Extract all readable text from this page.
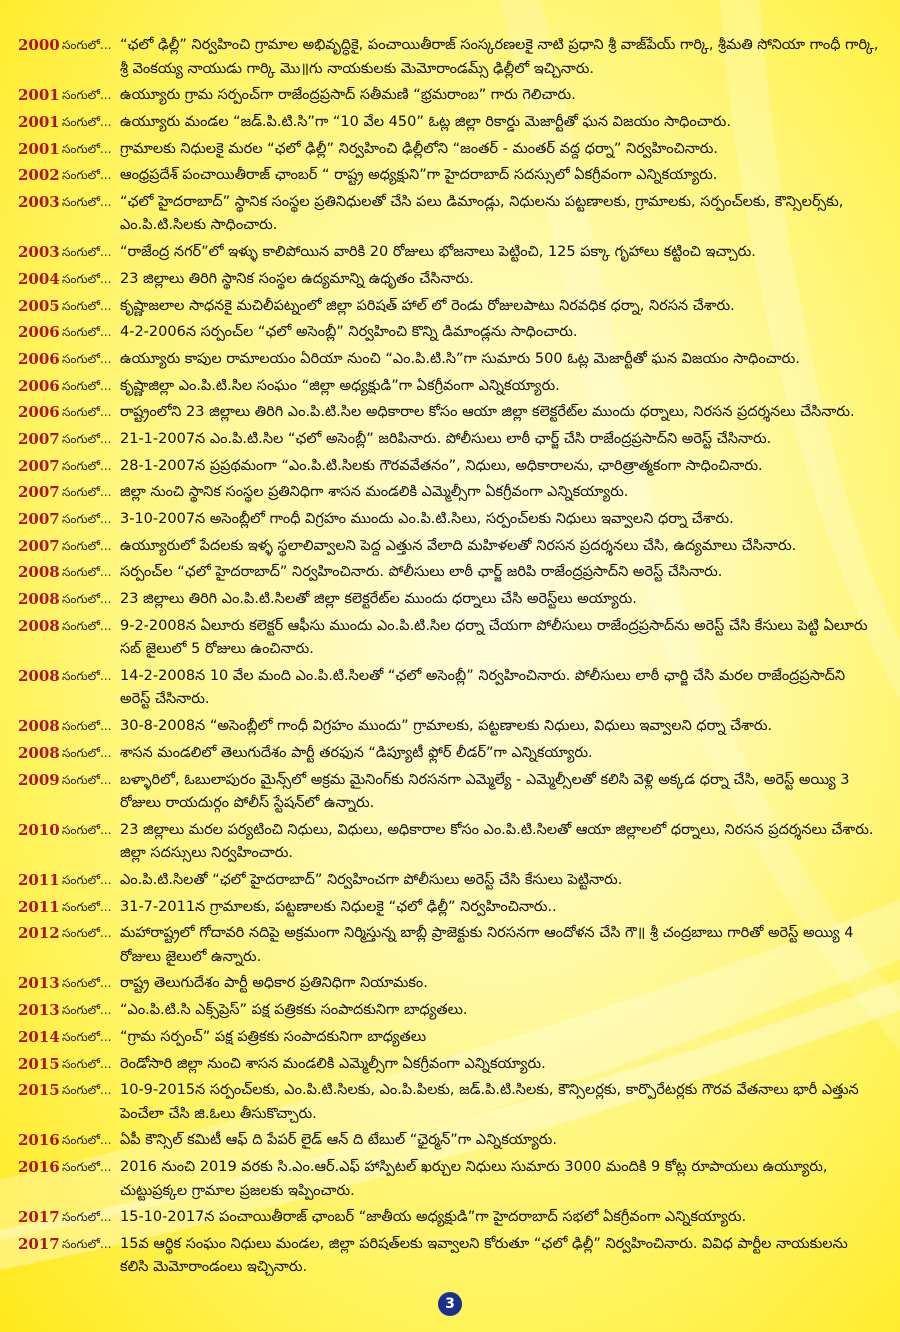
2000 సంగులో... “ఛలో ఢిల్లీ” నిర్వహించి గ్రామాల అభివృద్ధికై, పంచాయితీరాజ్ సంస్కరణలకై నాటి ప్రధాని శ్రీ వాజ్‌పేయ్ గార్కి, శ్రీమతి సోనియా గాంధీ గార్కి, శ్రీ వెంకయ్య నాయుడు గార్కి మొ॥గు నాయకులకు మెమోరాండమ్స్ ఢిల్లీలో ఇచ్చినారు.
2001 సంగులో... ఉయ్యూరు గ్రామ సర్పంచ్‌గా రాజేంద్రప్రసాద్ సతీమణి “భ్రమరాంబ” గారు గెలిచారు.
2001 సంగులో... ఉయ్యూరు మండల “జడ్.పి.టి.సి”గా “10 వేల 450” ఓట్ల జిల్లా రికార్డు మెజార్టీతో ఘన విజయం సాధించారు.
2001 సంగులో... గ్రామాలకు నిధులకై మరల “ఛలో ఢిల్లీ” నిర్వహించి ఢిల్లీలోని “జంతర్ - మంతర్ వద్ద ధర్నా” నిర్వహించినారు.
2002 సంగులో... ఆంధ్రప్రదేశ్ పంచాయితీరాజ్ ఛాంబర్ “ రాష్ట్ర అధ్యక్షుని”గా హైదరాబాద్ సదస్సులో ఏకగ్రీవంగా ఎన్నికయ్యారు.
2003 సంగులో... “ఛలో హైదరాబాద్” స్థానిక సంస్థల ప్రతినిధులతో చేసి పలు డిమాండ్లు, నిధులను పట్టణాలకు, గ్రామాలకు, సర్పంచ్‌లకు, కౌన్సిలర్స్‌కు, ఎం.పి.టి.సిలకు సాధించారు.
2003 సంగులో... “రాజేంద్ర నగర్”లో ఇళ్ళు కాలిపోయిన వారికి 20 రోజులు భోజనాలు పెట్టించి, 125 పక్కా గృహాలు కట్టించి ఇచ్చారు.
2004 సంగులో... 23 జిల్లాలు తిరిగి స్థానిక సంస్థల ఉద్యమాన్ని ఉధృతం చేసినారు.
2005 సంగులో... కృష్ణాజలాల సాధనకై మచిలీపట్నంలో జిల్లా పరిషత్ హాల్ లో రెండు రోజులపాటు నిరవధిక ధర్నా, నిరసన చేశారు.
2006 సంగులో... 4-2-2006న సర్పంచ్‌ల “ఛలో అసెంబ్లీ” నిర్వహించి కొన్ని డిమాండ్లను సాధించారు.
2006 సంగులో... ఉయ్యూరు కాపుల రామాలయం ఏరియా నుంచి “ఎం.పి.టి.సి”గా సుమారు 500 ఓట్ల మెజార్టీతో ఘన విజయం సాధించారు.
2006 సంగులో... కృష్ణాజిల్లా ఎం.పి.టి.సిల సంఘం “జిల్లా అధ్యక్షుడి”గా ఏకగ్రీవంగా ఎన్నికయ్యారు.
2006 సంగులో... రాష్ట్రంలోని 23 జిల్లాలు తిరిగి ఎం.పి.టి.సిల అధికారాల కోసం ఆయా జిల్లా కలెక్టరేట్‌ల ముందు ధర్నాలు, నిరసన ప్రదర్శనలు చేసినారు.
2007 సంగులో... 21-1-2007న ఎం.పి.టి.సిల “ఛలో అసెంబ్లీ” జరిపినారు. పోలీసులు లాఠీ ఛార్జ్ చేసి రాజేంద్రప్రసాద్‌ని అరెస్ట్ చేసినారు.
2007 సంగులో... 28-1-2007న ప్రప్రథమంగా “ఎం.పి.టి.సిలకు గౌరవవేతనం”, నిధులు, అధికారాలను, ఛారిత్రాత్మకంగా సాధించినారు.
2007 సంగులో... జిల్లా నుంచి స్థానిక సంస్థల ప్రతినిధిగా శాసన మండలికి ఎమ్మెల్సీగా ఏకగ్రీవంగా ఎన్నికయ్యారు.
2007 సంగులో... 3-10-2007న అసెంబ్లీలో గాంధీ విగ్రహం ముందు ఎం.పి.టి.సిలు, సర్పంచ్‌లకు నిధులు ఇవ్వాలని ధర్నా చేశారు.
2007 సంగులో... ఉయ్యూరులో పేదలకు ఇళ్ళ స్థలాలివ్వాలని పెద్ద ఎత్తున వేలాది మహిళలతో నిరసన ప్రదర్శనలు చేసి, ఉద్యమాలు చేసినారు.
2008 సంగులో... సర్పంచ్‌ల “ఛలో హైదరాబాద్” నిర్వహించినారు. పోలీసులు లాఠీ ఛార్జ్ జరిపి రాజేంద్రప్రసాద్‌ని అరెస్ట్ చేసినారు.
2008 సంగులో... 23 జిల్లాలు తిరిగి ఎం.పి.టి.సిలతో జిల్లా కలెక్టరేట్‌ల ముందు ధర్నాలు చేసి అరెస్ట్‌లు అయ్యారు.
2008 సంగులో... 9-2-2008న ఏలూరు కలెక్టర్ ఆఫీసు ముందు ఎం.పి.టి.సిల ధర్నా చేయగా పోలీసులు రాజేంద్రప్రసాద్‌ను అరెస్ట్ చేసి కేసులు పెట్టి ఏలూరు సబ్ జైలులో 5 రోజులు ఉంచినారు.
2008 సంగులో... 14-2-2008న 10 వేల మంది ఎం.పి.టి.సిలతో “ఛలో అసెంబ్లీ” నిర్వహించినారు. పోలీసులు లాఠీ ఛార్జి చేసి మరల రాజేంద్రప్రసాద్‌ని అరెస్ట్ చేసినారు.
2008 సంగులో... 30-8-2008న “అసెంబ్లీలో గాంధీ విగ్రహం ముందు” గ్రామాలకు, పట్టణాలకు నిధులు, విధులు ఇవ్వాలని ధర్నా చేశారు.
2008 సంగులో... శాసన మండలిలో తెలుగుదేశం పార్టీ తరఫున “డిప్యూటీ ఫ్లోర్ లీడర్”గా ఎన్నికయ్యారు.
2009 సంగులో... బళ్ళారిలో, ఓబులాపురం మైన్స్‌లో అక్రమ మైనింగ్‌కు నిరసనగా ఎమ్మెల్యే - ఎమ్మెల్సీలతో కలిసి వెళ్లి అక్కడ ధర్నా చేసి, అరెస్ట్ అయ్యి 3 రోజులు రాయదుర్గం పోలీస్ స్టేషన్‌లో ఉన్నారు.
2010 సంగులో... 23 జిల్లాలు మరల పర్యటించి నిధులు, విధులు, అధికారాల కోసం ఎం.పి.టి.సిలతో ఆయా జిల్లాలలో ధర్నాలు, నిరసన ప్రదర్శనలు చేశారు. జిల్లా సదస్సులు నిర్వహించారు.
2011 సంగులో... ఎం.పి.టి.సిలతో “ఛలో హైదరాబాద్” నిర్వహించగా పోలీసులు అరెస్ట్ చేసి కేసులు పెట్టినారు.
2011 సంగులో... 31-7-2011న గ్రామాలకు, పట్టణాలకు నిధులకై “ఛలో ఢిల్లీ” నిర్వహించినారు..
2012 సంగులో... మహారాష్ట్రలో గోదావరి నదిపై అక్రమంగా నిర్మిస్తున్న బాబ్లీ ప్రాజెక్టుకు నిరసనగా ఆందోళన చేసి గౌ॥ శ్రీ చంద్రబాబు గారితో అరెస్ట్ అయ్యి 4 రోజులు జైలులో ఉన్నారు.
2013 సంగులో... రాష్ట్ర తెలుగుదేశం పార్టీ అధికార ప్రతినిధిగా నియామకం.
2013 సంగులో... “ఎం.పి.టి.సి ఎక్స్‌ప్రెస్” పక్ష పత్రికకు సంపాదకునిగా బాధ్యతలు.
2014 సంగులో... “గ్రామ సర్పంచ్” పక్ష పత్రికకు సంపాదకునిగా బాధ్యతలు
2015 సంగులో... రెండోసారి జిల్లా నుంచి శాసన మండలికి ఎమ్మెల్సీగా ఏకగ్రీవంగా ఎన్నికయ్యారు.
2015 సంగులో... 10-9-2015న సర్పంచ్‌లకు, ఎం.పి.టి.సిలకు, ఎం.పి.పిలకు, జడ్.పి.టి.సిలకు, కౌన్సిలర్లకు, కార్పొరేటర్లకు గౌరవ వేతనాలు భారీ ఎత్తున పెంచేలా చేసి జి.ఓలు తీసుకొచ్చారు.
2016 సంగులో... ఏపీ కౌన్సిల్ కమిటీ ఆఫ్ ది పేపర్ లైడ్ ఆన్ ది టేబుల్ “ఛైర్మన్”గా ఎన్నికయ్యారు.
2016 సంగులో... 2016 నుంచి 2019 వరకు సి.ఎం.ఆర్.ఎఫ్ హాస్పిటల్ ఖర్చుల నిధులు సుమారు 3000 మందికి 9 కోట్ల రూపాయలు ఉయ్యూరు, చుట్టుప్రక్కల గ్రామాల ప్రజలకు ఇప్పించారు.
2017 సంగులో... 15-10-2017న పంచాయితీరాజ్ ఛాంబర్ “జాతీయ అధ్యక్షుడి”గా హైదరాబాద్ సభలో ఏకగ్రీవంగా ఎన్నికయ్యారు.
2017 సంగులో... 15వ ఆర్థిక సంఘం నిధులు మండల, జిల్లా పరిషత్‌లకు ఇవ్వాలని కోరుతూ “ఛలో ఢిల్లీ” నిర్వహించినారు. వివిధ పార్టీల నాయకులను కలిసి మెమోరాండంలు ఇచ్చినారు.
3
